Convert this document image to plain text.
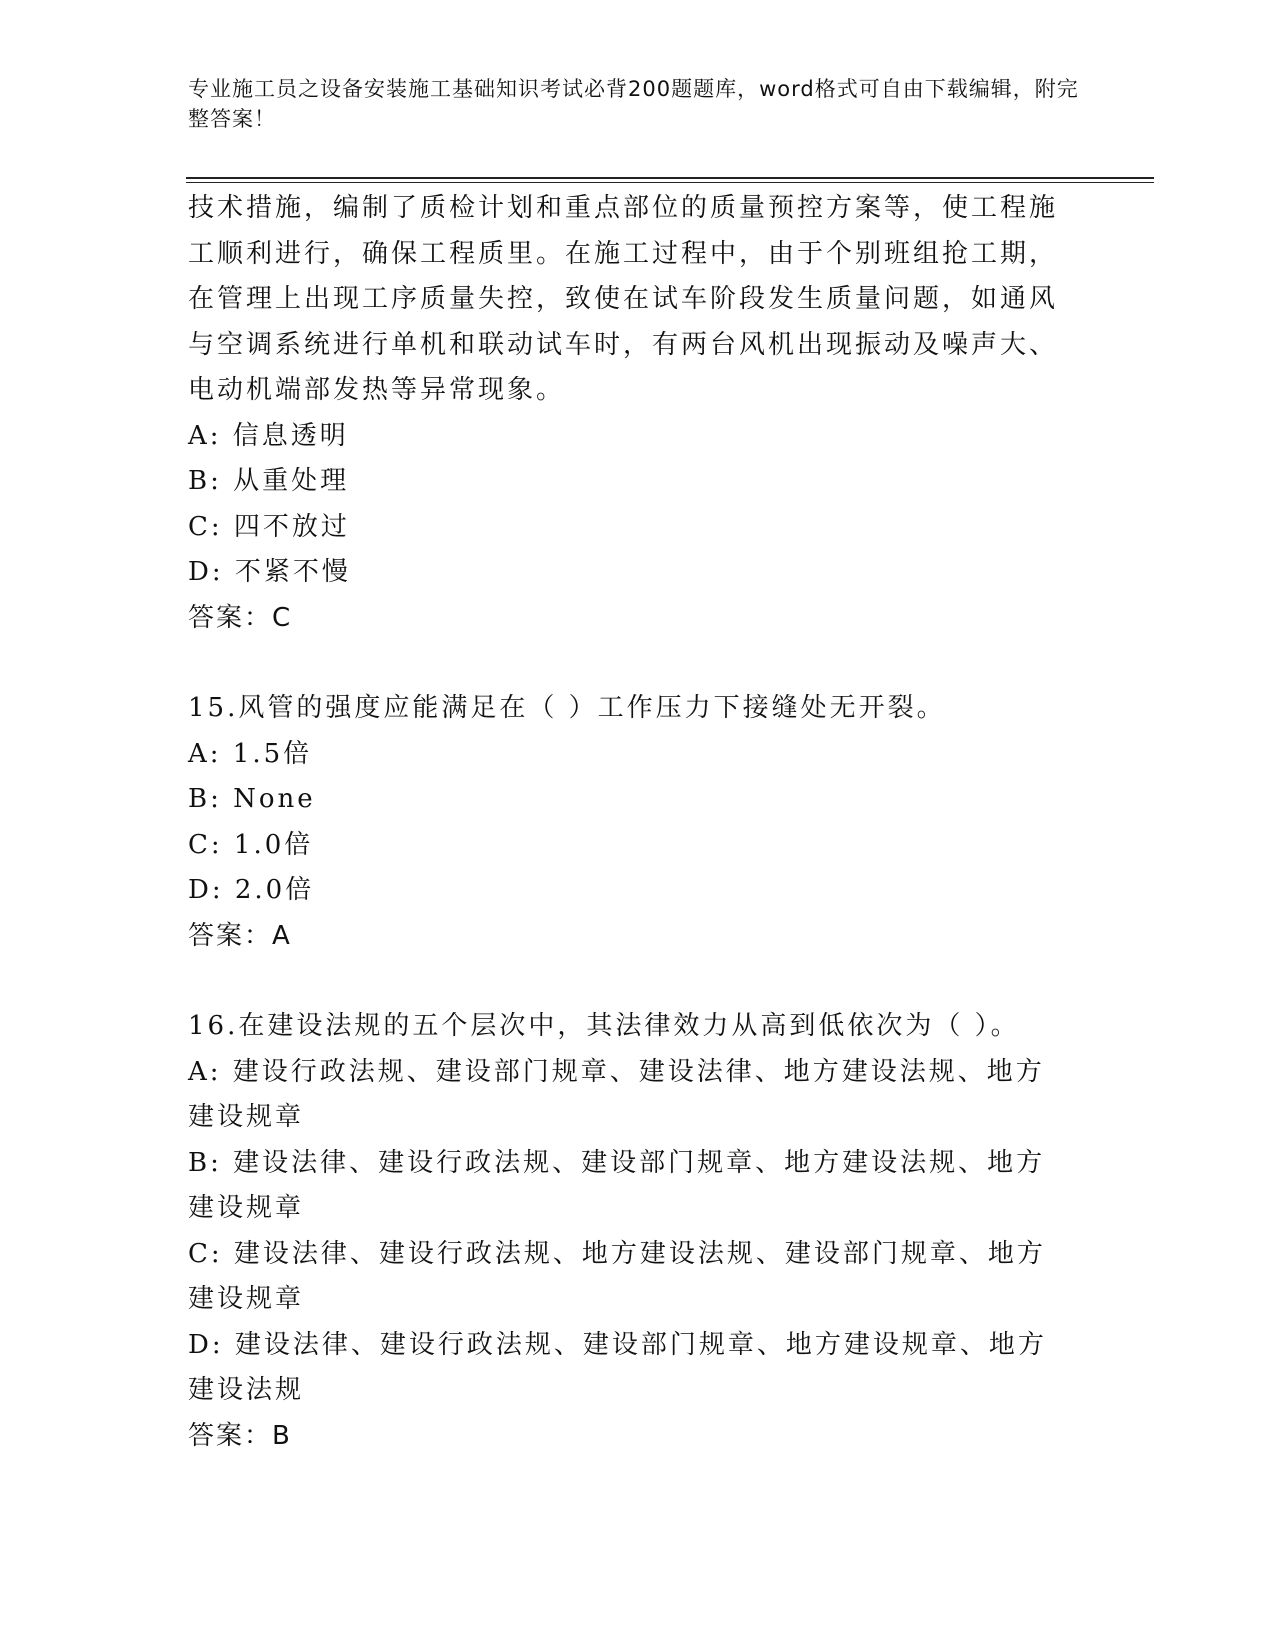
专业施工员之设备安装施工基础知识考试必背200题题库，word格式可自由下载编辑，附完整答案！

技术措施，编制了质检计划和重点部位的质量预控方案等，使工程施工顺利进行，确保工程质里。在施工过程中，由于个别班组抢工期，在管理上出现工序质量失控，致使在试车阶段发生质量问题，如通风与空调系统进行单机和联动试车时，有两台风机出现振动及噪声大、电动机端部发热等异常现象。

A: 信息透明

B: 从重处理

C: 四不放过

D: 不紧不慢

答案：C

15.风管的强度应能满足在（ ）工作压力下接缝处无开裂。

A: 1.5倍

B: None

C: 1.0倍

D: 2.0倍

答案：A

16.在建设法规的五个层次中，其法律效力从高到低依次为（ ）。

A: 建设行政法规、建设部门规章、建设法律、地方建设法规、地方建设规章

B: 建设法律、建设行政法规、建设部门规章、地方建设法规、地方建设规章

C: 建设法律、建设行政法规、地方建设法规、建设部门规章、地方建设规章

D: 建设法律、建设行政法规、建设部门规章、地方建设规章、地方建设法规

答案：B
